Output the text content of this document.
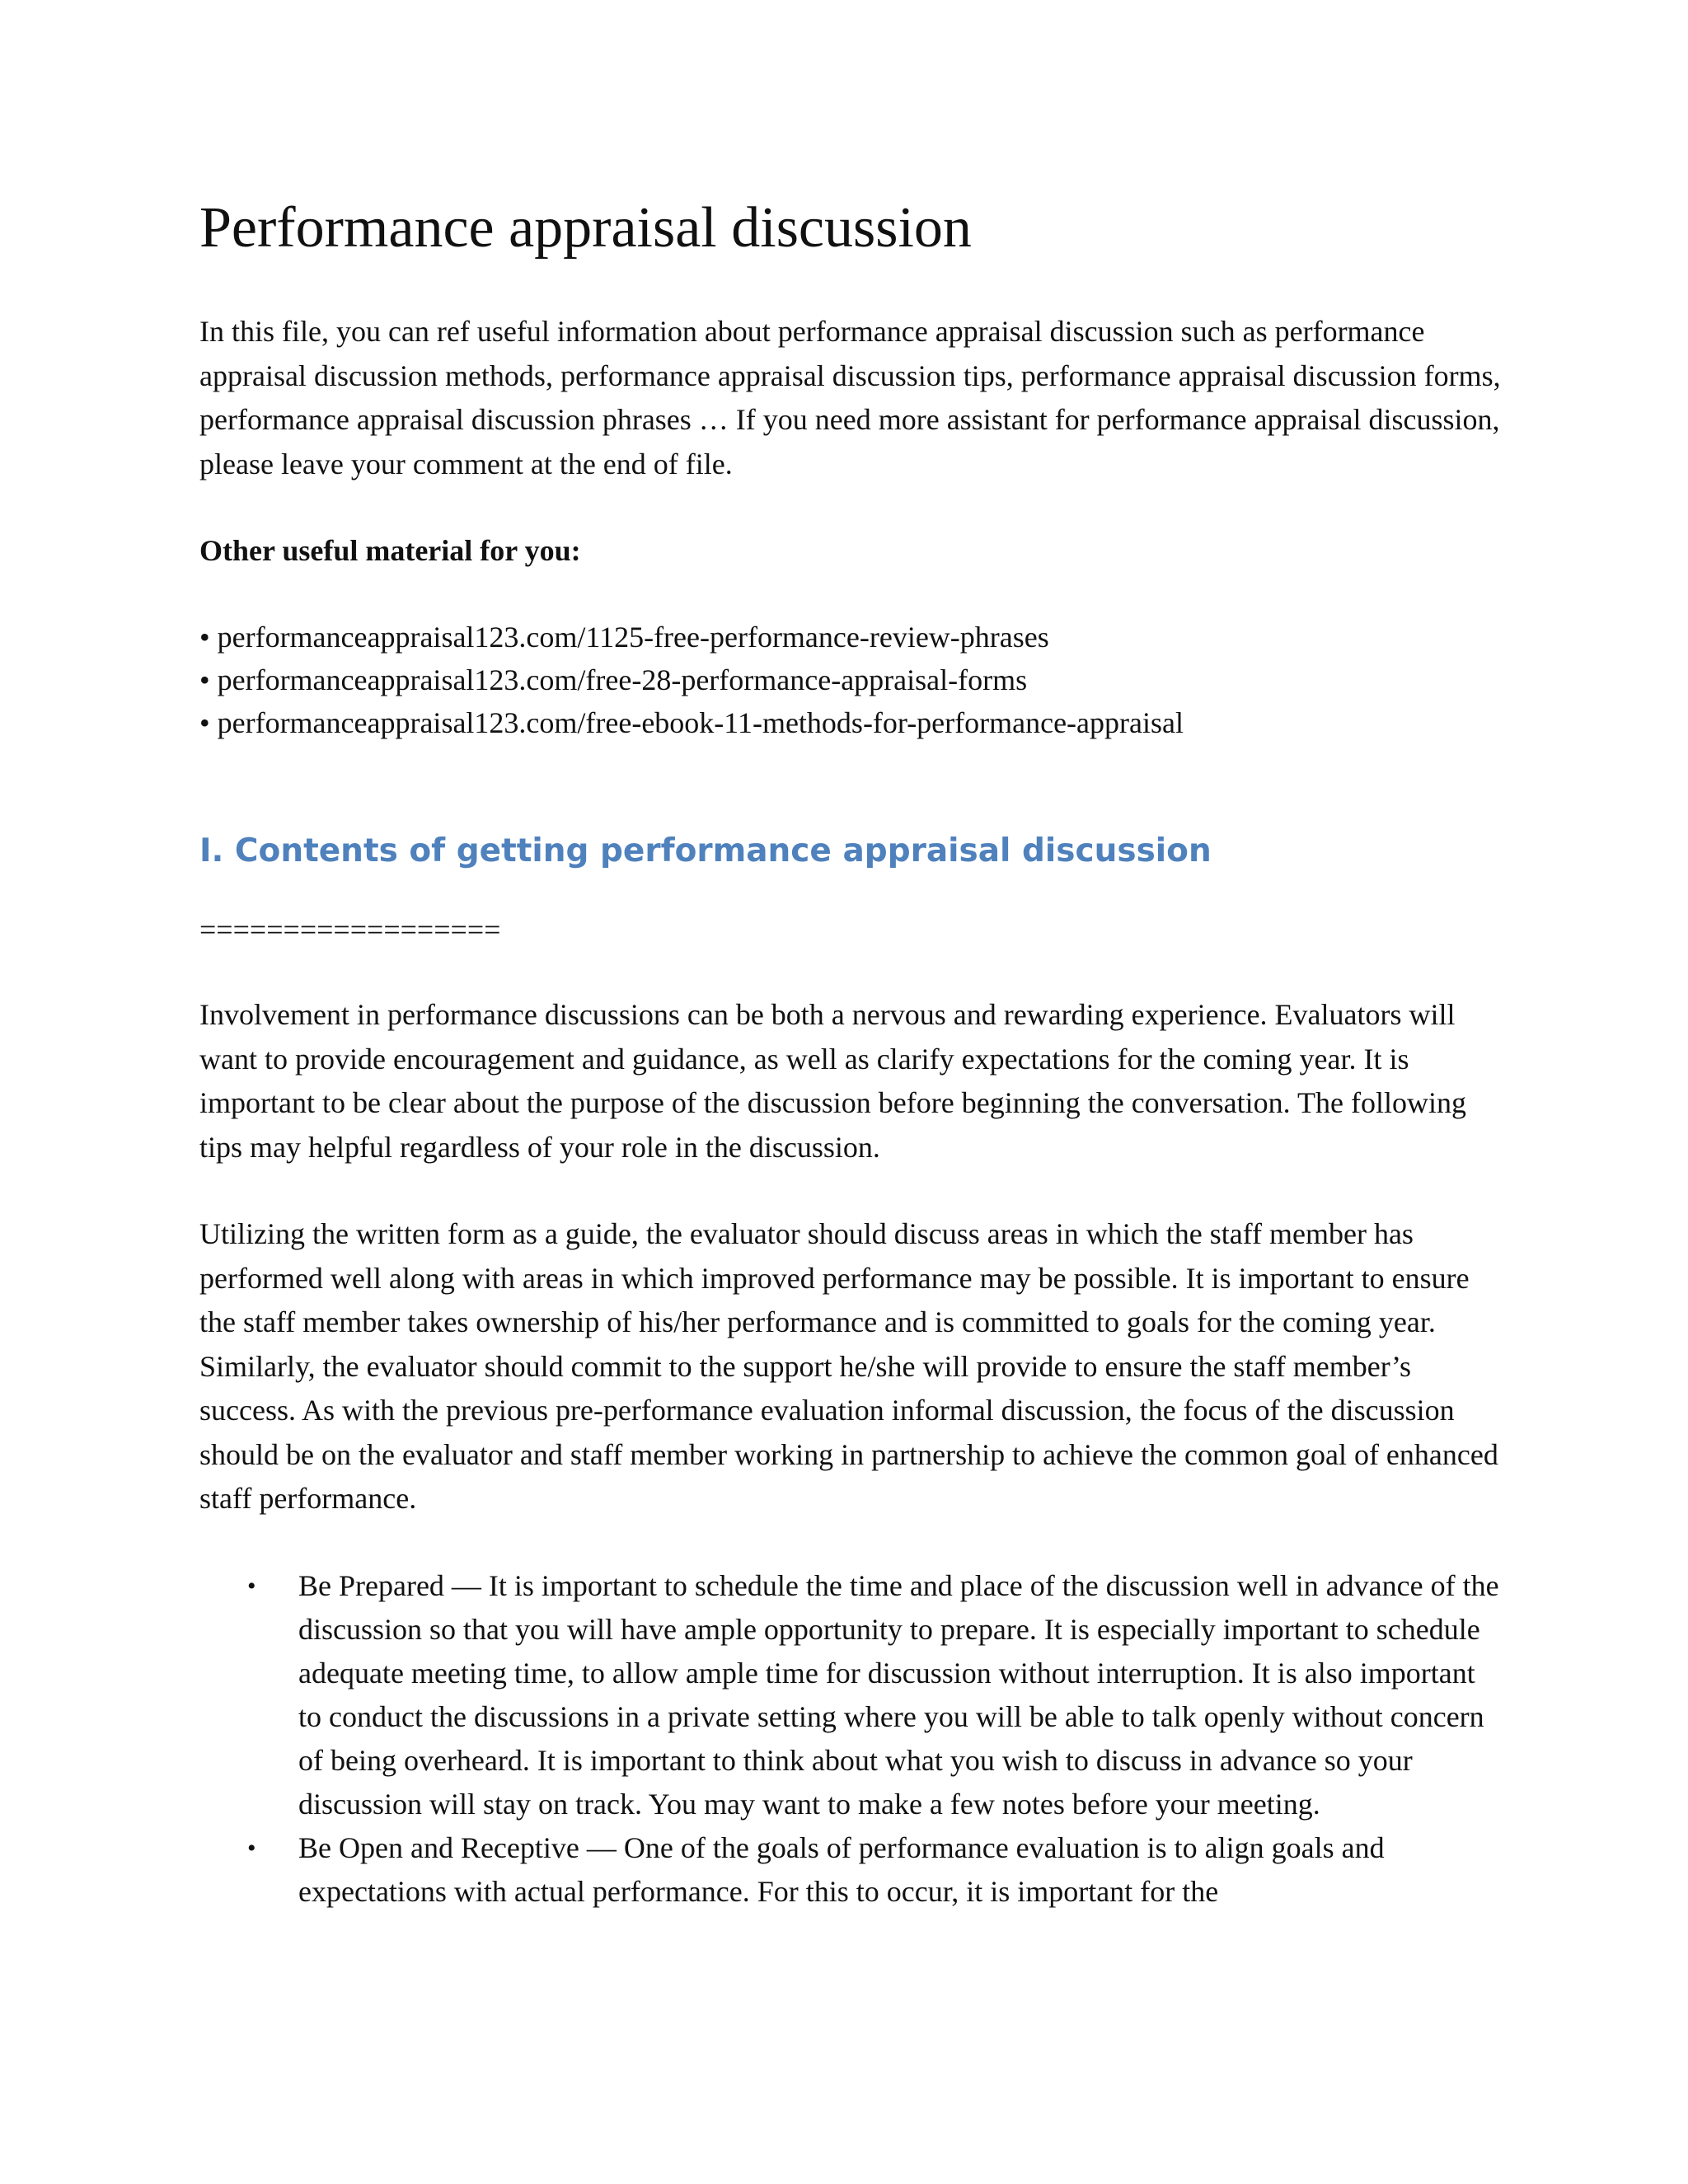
Performance appraisal discussion

In this file, you can ref useful information about performance appraisal discussion such as performance appraisal discussion methods, performance appraisal discussion tips, performance appraisal discussion forms, performance appraisal discussion phrases … If you need more assistant for performance appraisal discussion, please leave your comment at the end of file.

Other useful material for you:

• performanceappraisal123.com/1125-free-performance-review-phrases
• performanceappraisal123.com/free-28-performance-appraisal-forms
• performanceappraisal123.com/free-ebook-11-methods-for-performance-appraisal
I. Contents of getting performance appraisal discussion
==================

Involvement in performance discussions can be both a nervous and rewarding experience. Evaluators will want to provide encouragement and guidance, as well as clarify expectations for the coming year. It is important to be clear about the purpose of the discussion before beginning the conversation. The following tips may helpful regardless of your role in the discussion.

Utilizing the written form as a guide, the evaluator should discuss areas in which the staff member has performed well along with areas in which improved performance may be possible. It is important to ensure the staff member takes ownership of his/her performance and is committed to goals for the coming year. Similarly, the evaluator should commit to the support he/she will provide to ensure the staff member’s success. As with the previous pre-performance evaluation informal discussion, the focus of the discussion should be on the evaluator and staff member working in partnership to achieve the common goal of enhanced staff performance.

• Be Prepared — It is important to schedule the time and place of the discussion well in advance of the discussion so that you will have ample opportunity to prepare. It is especially important to schedule adequate meeting time, to allow ample time for discussion without interruption. It is also important to conduct the discussions in a private setting where you will be able to talk openly without concern of being overheard. It is important to think about what you wish to discuss in advance so your discussion will stay on track. You may want to make a few notes before your meeting.
• Be Open and Receptive — One of the goals of performance evaluation is to align goals and expectations with actual performance. For this to occur, it is important for the
